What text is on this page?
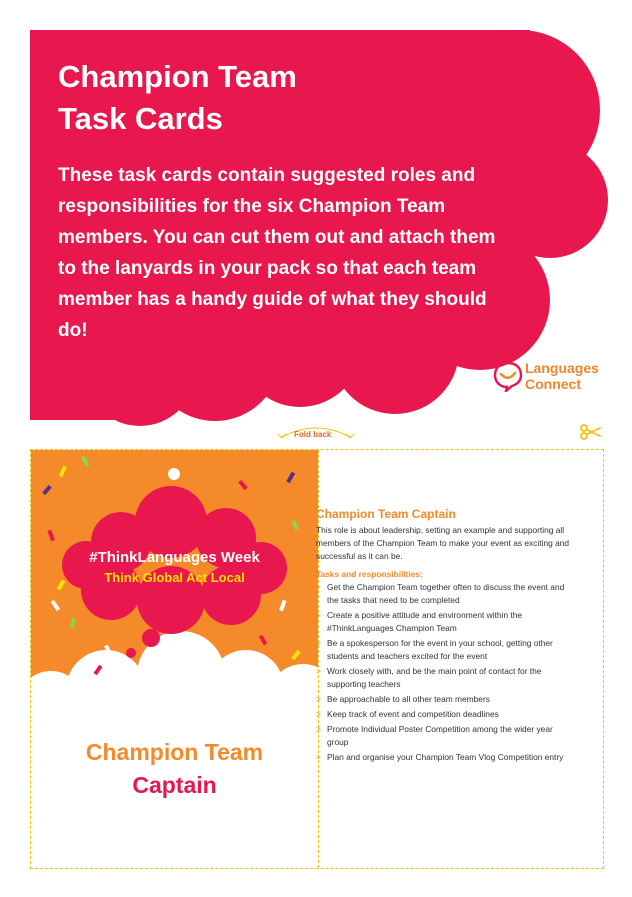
Champion Team
Task Cards

These task cards contain suggested roles and responsibilities for the six Champion Team members. You can cut them out and attach them to the lanyards in your pack so that each team member has a handy guide of what they should do!

Languages
Connect
Fold back
#ThinkLanguages Week
Think Global Act Local
Champion Team
Captain
Champion Team Captain

This role is about leadership, setting an example and supporting all members of the Champion Team to make your event as exciting and successful as it can be.

Tasks and responsibilities:
> Get the Champion Team together often to discuss the event and the tasks that need to be completed
> Create a positive attitude and environment within the #ThinkLanguages Champion Team
> Be a spokesperson for the event in your school, getting other students and teachers excited for the event
> Work closely with, and be the main point of contact for the supporting teachers
> Be approachable to all other team members
> Keep track of event and competition deadlines
> Promote Individual Poster Competition among the wider year group
> Plan and organise your Champion Team Vlog Competition entry
